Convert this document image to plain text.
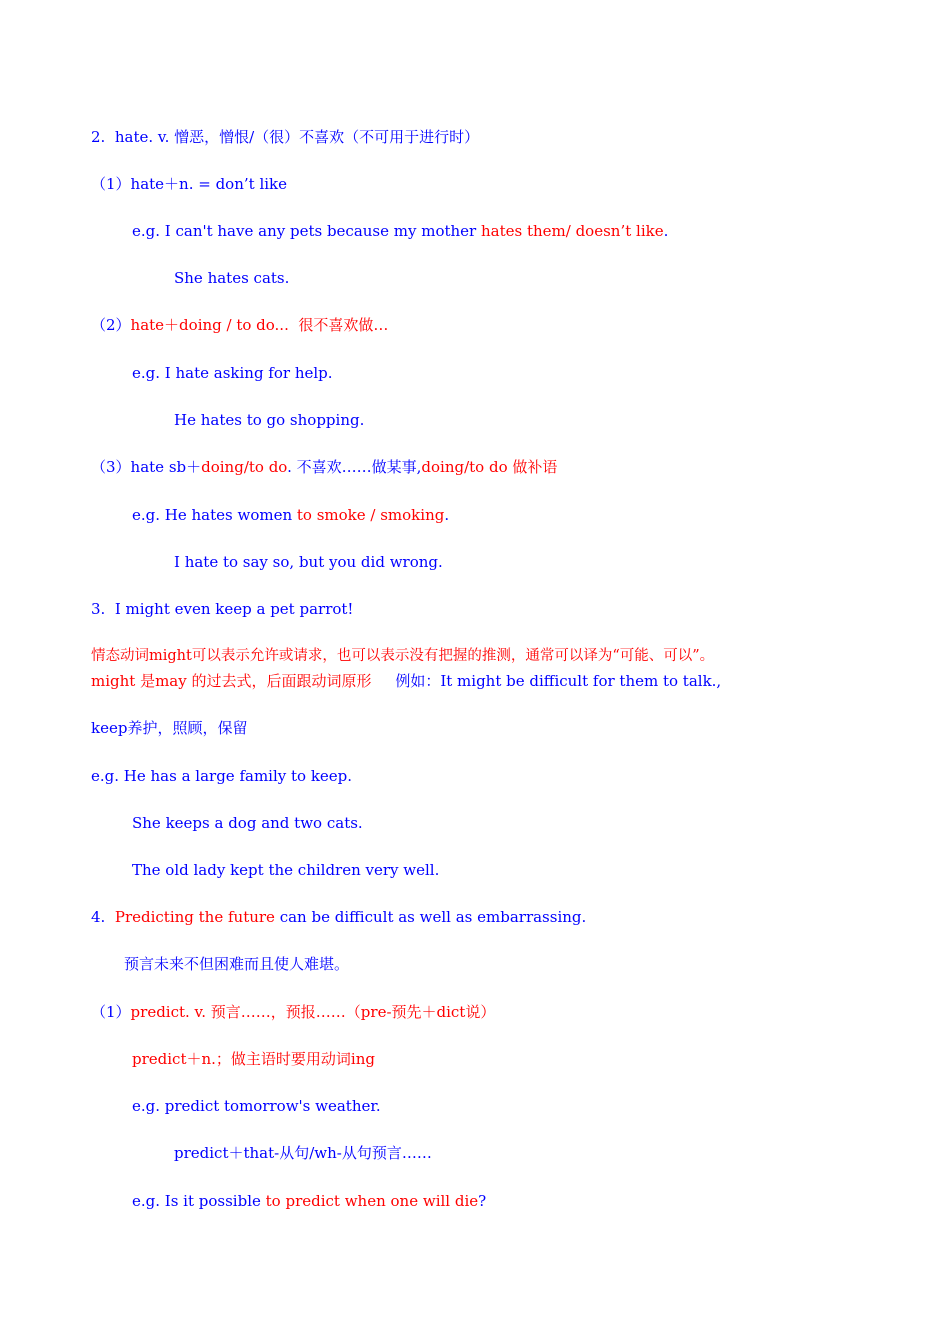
2.  hate. v. 憎恶，憎恨/（很）不喜欢（不可用于进行时）
（1）hate＋n. = don’t like
e.g. I can't have any pets because my mother hates them/ doesn’t like.
She hates cats.
（2）hate＋doing / to do...  很不喜欢做…
e.g. I hate asking for help.
He hates to go shopping.
（3）hate sb＋doing/to do. 不喜欢……做某事,doing/to do 做补语
e.g. He hates women to smoke / smoking.
I hate to say so, but you did wrong.
3.  I might even keep a pet parrot!
情态动词might可以表示允许或请求，也可以表示没有把握的推测，通常可以译为“可能、可以”。
might 是may 的过去式，后面跟动词原形     例如：It might be difficult for them to talk.,
keep养护，照顾，保留
e.g. He has a large family to keep.
She keeps a dog and two cats.
The old lady kept the children very well.
4.  Predicting the future can be difficult as well as embarrassing.
预言未来不但困难而且使人难堪。
（1）predict. v. 预言……，预报……（pre-预先＋dict说）
predict＋n.；做主语时要用动词ing
e.g. predict tomorrow's weather.
predict＋that-从句/wh-从句预言……
e.g. Is it possible to predict when one will die?
